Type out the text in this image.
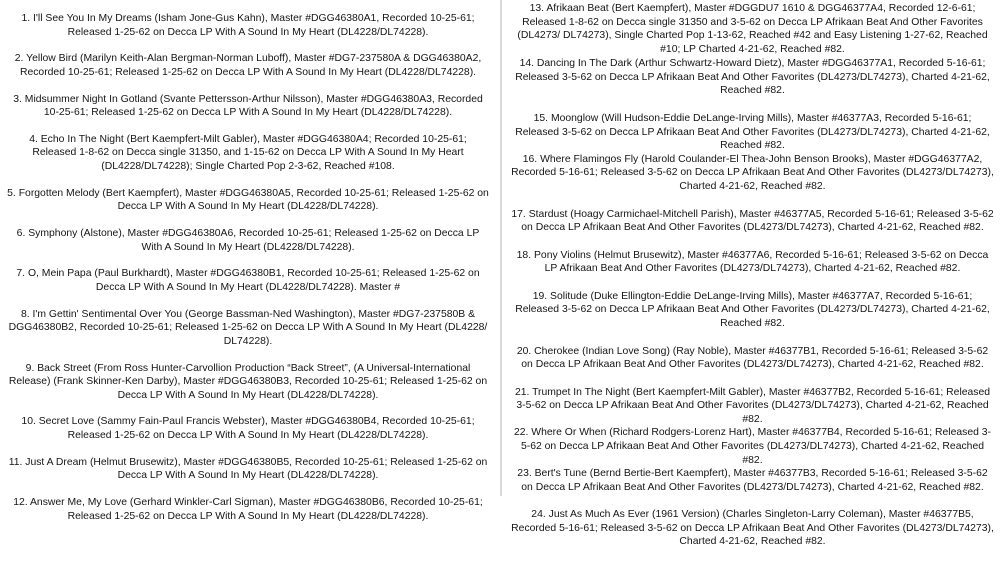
1. I'll See You In My Dreams (Isham Jone-Gus Kahn), Master #DGG46380A1, Recorded 10-25-61; Released 1-25-62 on Decca LP With A Sound In My Heart (DL4228/DL74228).
2. Yellow Bird (Marilyn Keith-Alan Bergman-Norman Luboff), Master #DG7-237580A & DGG46380A2, Recorded 10-25-61; Released 1-25-62 on Decca LP With A Sound In My Heart (DL4228/DL74228).
3. Midsummer Night In Gotland (Svante Pettersson-Arthur Nilsson), Master #DGG46380A3, Recorded 10-25-61; Released 1-25-62 on Decca LP With A Sound In My Heart (DL4228/DL74228).
4. Echo In The Night (Bert Kaempfert-Milt Gabler), Master #DGG46380A4; Recorded 10-25-61; Released 1-8-62 on Decca single 31350, and 1-15-62 on Decca LP With A Sound In My Heart (DL4228/DL74228); Single Charted Pop 2-3-62, Reached #108.
5. Forgotten Melody (Bert Kaempfert), Master #DGG46380A5, Recorded 10-25-61; Released 1-25-62 on Decca LP With A Sound In My Heart (DL4228/DL74228).
6. Symphony (Alstone), Master #DGG46380A6, Recorded 10-25-61; Released 1-25-62 on Decca LP With A Sound In My Heart (DL4228/DL74228).
7. O, Mein Papa (Paul Burkhardt), Master #DGG46380B1, Recorded 10-25-61; Released 1-25-62 on Decca LP With A Sound In My Heart (DL4228/DL74228). Master #
8. I'm Gettin' Sentimental Over You (George Bassman-Ned Washington), Master #DG7-237580B & DGG46380B2, Recorded 10-25-61; Released 1-25-62 on Decca LP With A Sound In My Heart (DL4228/ DL74228).
9. Back Street (From Ross Hunter-Carvollion Production “Back Street”, (A Universal-International Release) (Frank Skinner-Ken Darby), Master #DGG46380B3, Recorded 10-25-61; Released 1-25-62 on Decca LP With A Sound In My Heart (DL4228/DL74228).
10. Secret Love (Sammy Fain-Paul Francis Webster), Master #DGG46380B4, Recorded 10-25-61; Released 1-25-62 on Decca LP With A Sound In My Heart (DL4228/DL74228).
11. Just A Dream (Helmut Brusewitz), Master #DGG46380B5, Recorded 10-25-61; Released 1-25-62 on Decca LP With A Sound In My Heart (DL4228/DL74228).
12. Answer Me, My Love (Gerhard Winkler-Carl Sigman), Master #DGG46380B6, Recorded 10-25-61; Released 1-25-62 on Decca LP With A Sound In My Heart (DL4228/DL74228).
13. Afrikaan Beat (Bert Kaempfert), Master #DGGDU7 1610 & DGG46377A4, Recorded 12-6-61; Released 1-8-62 on Decca single 31350 and 3-5-62 on Decca LP Afrikaan Beat And Other Favorites (DL4273/ DL74273), Single Charted Pop 1-13-62, Reached #42 and Easy Listening 1-27-62, Reached #10; LP Charted 4-21-62, Reached #82.
14. Dancing In The Dark (Arthur Schwartz-Howard Dietz), Master #DGG46377A1, Recorded 5-16-61; Released 3-5-62 on Decca LP Afrikaan Beat And Other Favorites (DL4273/DL74273), Charted 4-21-62, Reached #82.
15. Moonglow (Will Hudson-Eddie DeLange-Irving Mills), Master #46377A3, Recorded 5-16-61; Released 3-5-62 on Decca LP Afrikaan Beat And Other Favorites (DL4273/DL74273), Charted 4-21-62, Reached #82.
16. Where Flamingos Fly (Harold Coulander-El Thea-John Benson Brooks), Master #DGG46377A2, Recorded 5-16-61; Released 3-5-62 on Decca LP Afrikaan Beat And Other Favorites (DL4273/DL74273), Charted 4-21-62, Reached #82.
17. Stardust (Hoagy Carmichael-Mitchell Parish), Master #46377A5, Recorded 5-16-61; Released 3-5-62 on Decca LP Afrikaan Beat And Other Favorites (DL4273/DL74273), Charted 4-21-62, Reached #82.
18. Pony Violins (Helmut Brusewitz), Master #46377A6, Recorded 5-16-61; Released 3-5-62 on Decca LP Afrikaan Beat And Other Favorites (DL4273/DL74273), Charted 4-21-62, Reached #82.
19. Solitude (Duke Ellington-Eddie DeLange-Irving Mills), Master #46377A7, Recorded 5-16-61; Released 3-5-62 on Decca LP Afrikaan Beat And Other Favorites (DL4273/DL74273), Charted 4-21-62, Reached #82.
20. Cherokee (Indian Love Song) (Ray Noble), Master #46377B1, Recorded 5-16-61; Released 3-5-62 on Decca LP Afrikaan Beat And Other Favorites (DL4273/DL74273), Charted 4-21-62, Reached #82.
21. Trumpet In The Night (Bert Kaempfert-Milt Gabler), Master #46377B2, Recorded 5-16-61; Released 3-5-62 on Decca LP Afrikaan Beat And Other Favorites (DL4273/DL74273), Charted 4-21-62, Reached #82.
22. Where Or When (Richard Rodgers-Lorenz Hart), Master #46377B4, Recorded 5-16-61; Released 3-5-62 on Decca LP Afrikaan Beat And Other Favorites (DL4273/DL74273), Charted 4-21-62, Reached #82.
23. Bert's Tune (Bernd Bertie-Bert Kaempfert), Master #46377B3, Recorded 5-16-61; Released 3-5-62 on Decca LP Afrikaan Beat And Other Favorites (DL4273/DL74273), Charted 4-21-62, Reached #82.
24. Just As Much As Ever (1961 Version) (Charles Singleton-Larry Coleman), Master #46377B5, Recorded 5-16-61; Released 3-5-62 on Decca LP Afrikaan Beat And Other Favorites (DL4273/DL74273), Charted 4-21-62, Reached #82.
